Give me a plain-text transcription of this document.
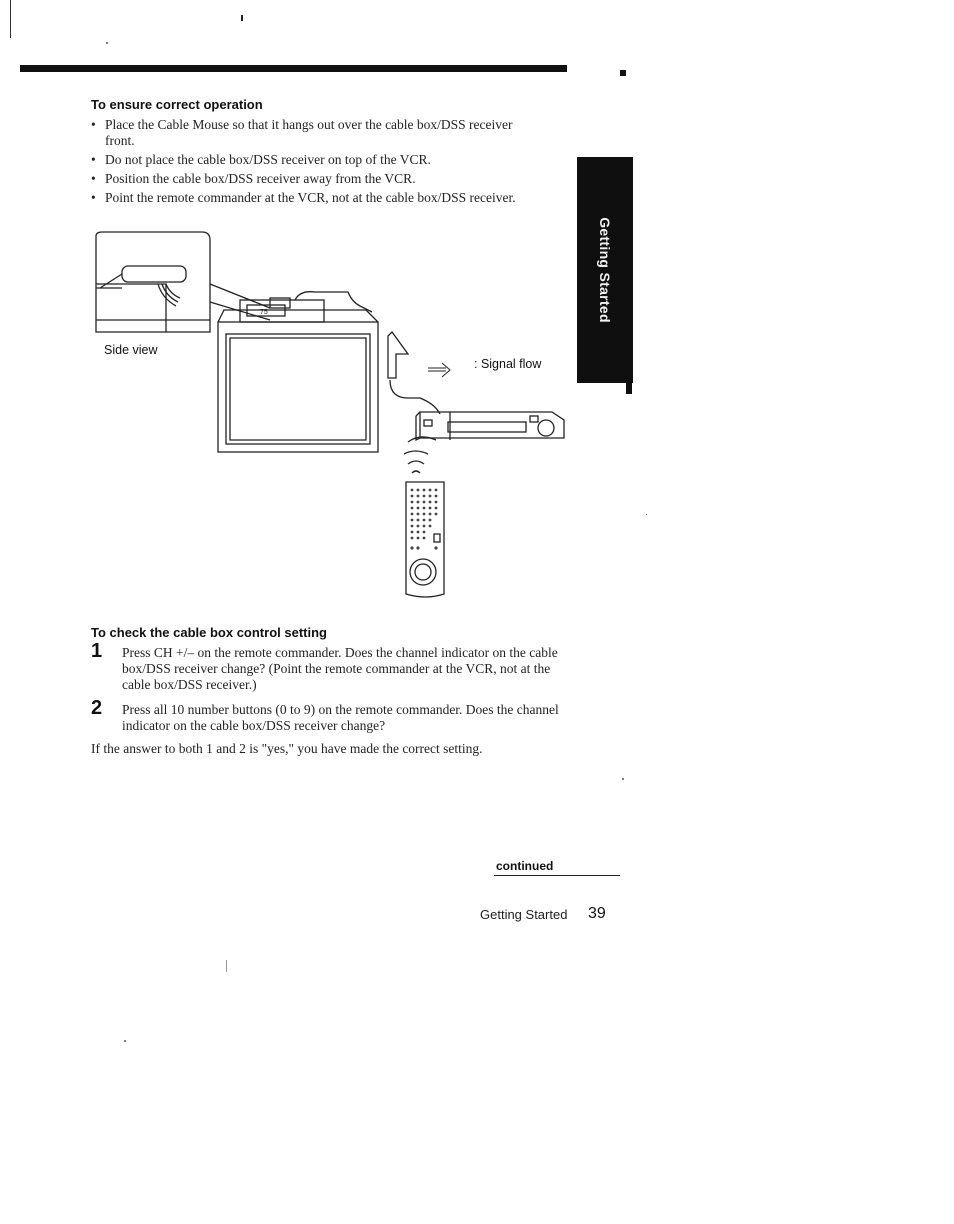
To ensure correct operation
• Place the Cable Mouse so that it hangs out over the cable box/DSS receiver front.
• Do not place the cable box/DSS receiver on top of the VCR.
• Position the cable box/DSS receiver away from the VCR.
• Point the remote commander at the VCR, not at the cable box/DSS receiver.
Getting Started
75
Side view
: Signal flow
To check the cable box control setting
1 Press CH +/– on the remote commander. Does the channel indicator on the cable box/DSS receiver change? (Point the remote commander at the VCR, not at the cable box/DSS receiver.)
2 Press all 10 number buttons (0 to 9) on the remote commander. Does the channel indicator on the cable box/DSS receiver change?
If the answer to both 1 and 2 is "yes," you have made the correct setting.
continued
Getting Started 39
